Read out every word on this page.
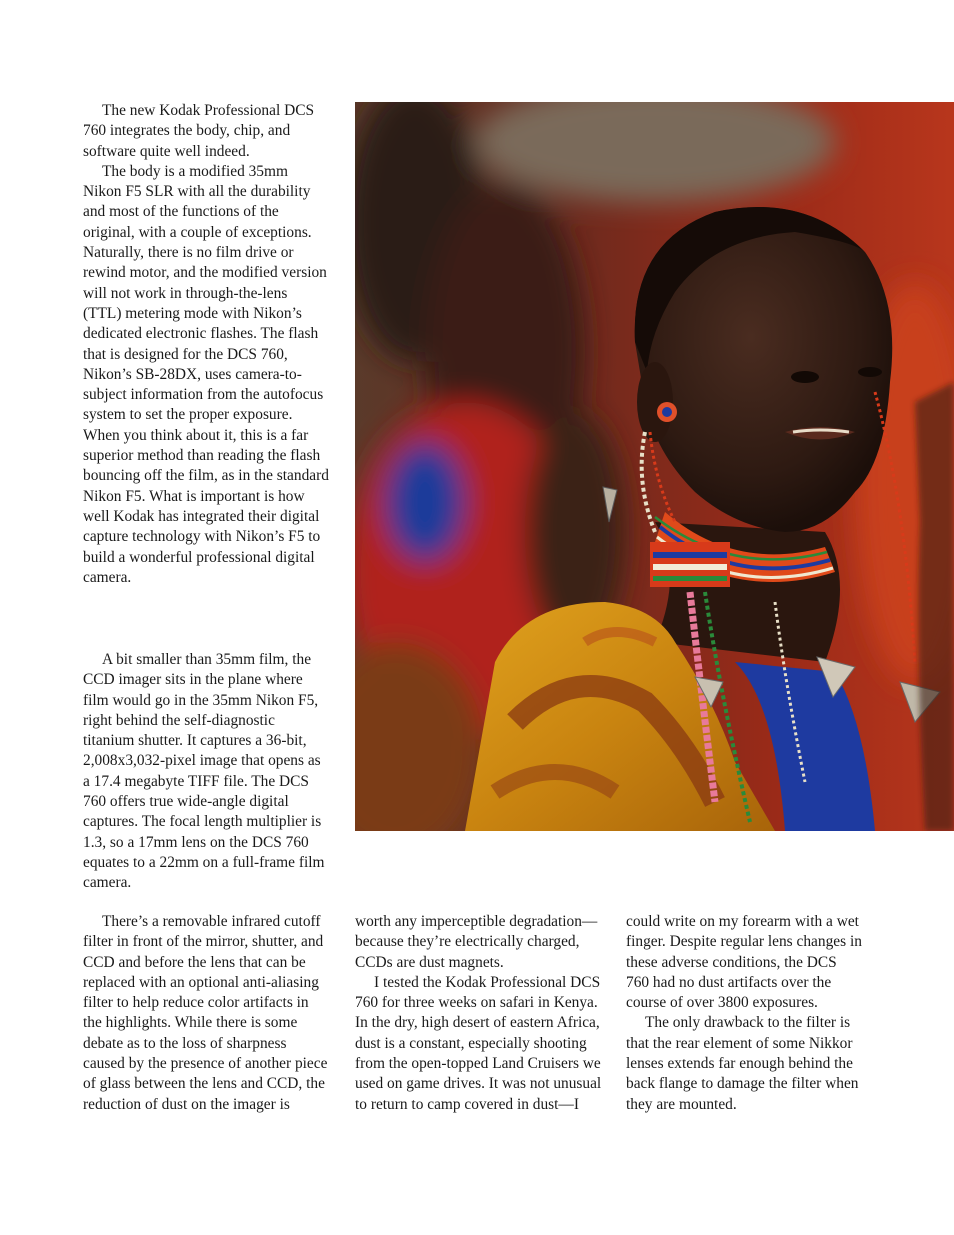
The new Kodak Professional DCS 760 integrates the body, chip, and software quite well indeed.

The body is a modified 35mm Nikon F5 SLR with all the durability and most of the functions of the original, with a couple of exceptions. Naturally, there is no film drive or rewind motor, and the modified version will not work in through-the-lens (TTL) metering mode with Nikon’s dedicated electronic flashes. The flash that is designed for the DCS 760, Nikon’s SB-28DX, uses camera-to-subject information from the autofocus system to set the proper exposure. When you think about it, this is a far superior method than reading the flash bouncing off the film, as in the standard Nikon F5. What is important is how well Kodak has integrated their digital capture technology with Nikon’s F5 to build a wonderful professional digital camera.

A bit smaller than 35mm film, the CCD imager sits in the plane where film would go in the 35mm Nikon F5, right behind the self-diagnostic titanium shutter. It captures a 36-bit, 2,008x3,032-pixel image that opens as a 17.4 megabyte TIFF file. The DCS 760 offers true wide-angle digital captures. The focal length multiplier is 1.3, so a 17mm lens on the DCS 760 equates to a 22mm on a full-frame film camera.

There’s a removable infrared cutoff filter in front of the mirror, shutter, and CCD and before the lens that can be replaced with an optional anti-aliasing filter to help reduce color artifacts in the highlights. While there is some debate as to the loss of sharpness caused by the presence of another piece of glass between the lens and CCD, the reduction of dust on the imager is

worth any imperceptible degradation—because they’re electrically charged, CCDs are dust magnets.

I tested the Kodak Professional DCS 760 for three weeks on safari in Kenya. In the dry, high desert of eastern Africa, dust is a constant, especially shooting from the open-topped Land Cruisers we used on game drives. It was not unusual to return to camp covered in dust—I

could write on my forearm with a wet finger. Despite regular lens changes in these adverse conditions, the DCS 760 had no dust artifacts over the course of over 3800 exposures.

The only drawback to the filter is that the rear element of some Nikkor lenses extends far enough behind the back flange to damage the filter when they are mounted.
